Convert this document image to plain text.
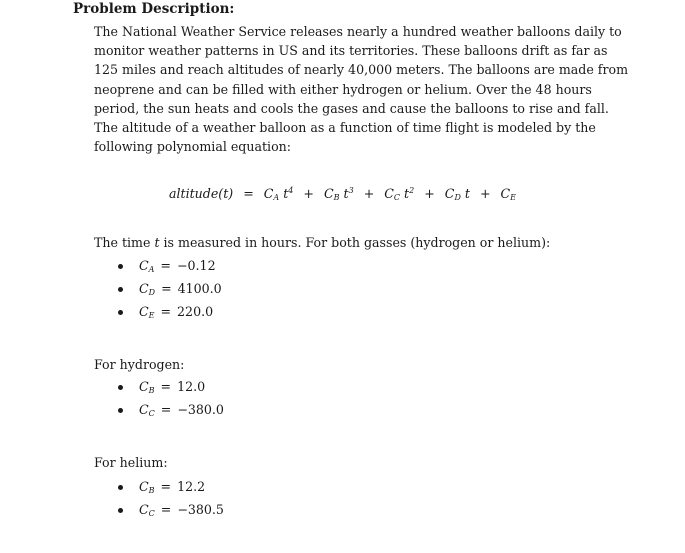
Problem Description:
The National Weather Service releases nearly a hundred weather balloons daily to monitor weather patterns in US and its territories. These balloons drift as far as 125 miles and reach altitudes of nearly 40,000 meters. The balloons are made from neoprene and can be filled with either hydrogen or helium. Over the 48 hours period, the sun heats and cools the gases and cause the balloons to rise and fall. The altitude of a weather balloon as a function of time flight is modeled by the following polynomial equation:
altitude(t) = $C_A$ $t^4 + C_B$ $t^3 + C_C$ $t^2 + C_D$ $t + C_E$
The time t is measured in hours. For both gasses (hydrogen or helium):
$C_A = -0.12$
$C_D = 4100.0$
$C_E = 220.0$
For hydrogen:
$C_B = 12.0$
$C_C = -380.0$
For helium:
$C_B = 12.2$
$C_C = -380.5$
